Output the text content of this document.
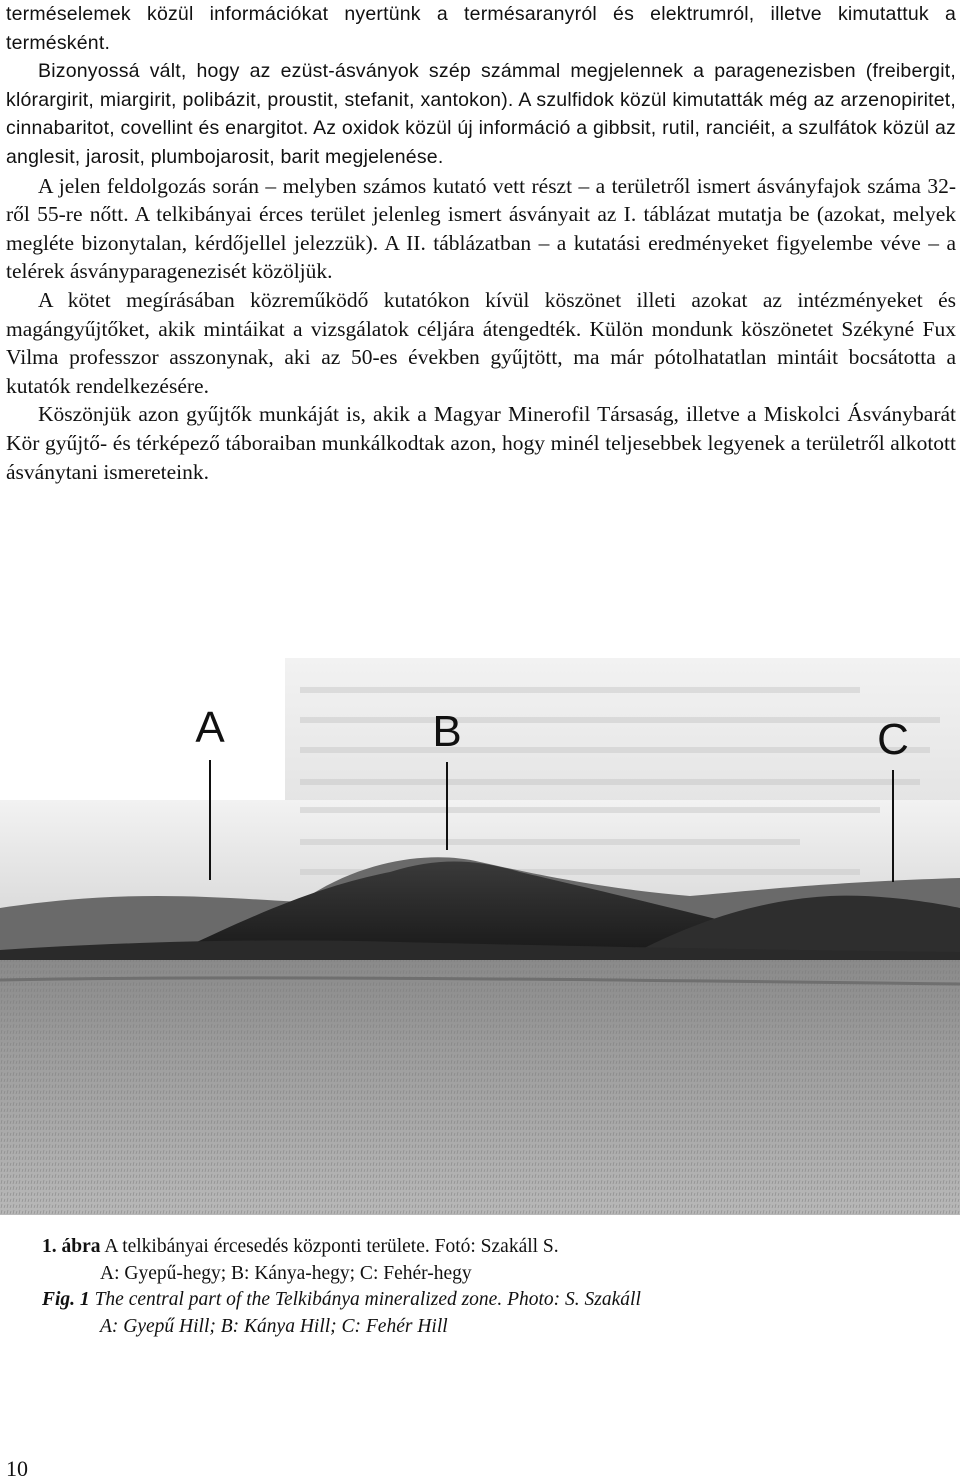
terméselemek közül információkat nyertünk a termésaranyról és elektrumról, illetve kimutattuk a termésként.

Bizonyossá vált, hogy az ezüst-ásványok szép számmal megjelennek a paragenezisben (freibergit, klórargirit, miargirit, polibázit, proustit, stefanit, xantokon). A szulfidok közül kimutatták még az arzenopiritet, cinnabaritot, covellint és enargitot. Az oxidok közül új információ a gibbsit, rutil, ranciéit, a szulfátok közül az anglesit, jarosit, plumbojarosit, barit megjelenése.

A jelen feldolgozás során – melyben számos kutató vett részt – a területről ismert ásványfajok száma 32-ről 55-re nőtt. A telkibányai érces terület jelenleg ismert ásványait az I. táblázat mutatja be (azokat, melyek megléte bizonytalan, kérdőjellel jelezzük). A II. táblázatban – a kutatási eredményeket figyelembe véve – a telérek ásványparagenezisét közöljük.

A kötet megírásában közreműködő kutatókon kívül köszönet illeti azokat az intézményeket és magángyűjtőket, akik mintáikat a vizsgálatok céljára átengedték. Külön mondunk köszönetet Székyné Fux Vilma professzor asszonynak, aki az 50-es években gyűjtött, ma már pótolhatatlan mintáit bocsátotta a kutatók rendelkezésére.

Köszönjük azon gyűjtők munkáját is, akik a Magyar Minerofil Társaság, illetve a Miskolci Ásványbarát Kör gyűjtő- és térképező táboraiban munkálkodtak azon, hogy minél teljesebbek legyenek a területről alkotott ásványtani ismereteink.

A	B	C
1. ábra A telkibányai ércesedés központi területe. Fotó: Szakáll S.
A: Gyepű-hegy; B: Kánya-hegy; C: Fehér-hegy
Fig. 1 The central part of the Telkibánya mineralized zone. Photo: S. Szakáll
A: Gyepű Hill; B: Kánya Hill; C: Fehér Hill
10
